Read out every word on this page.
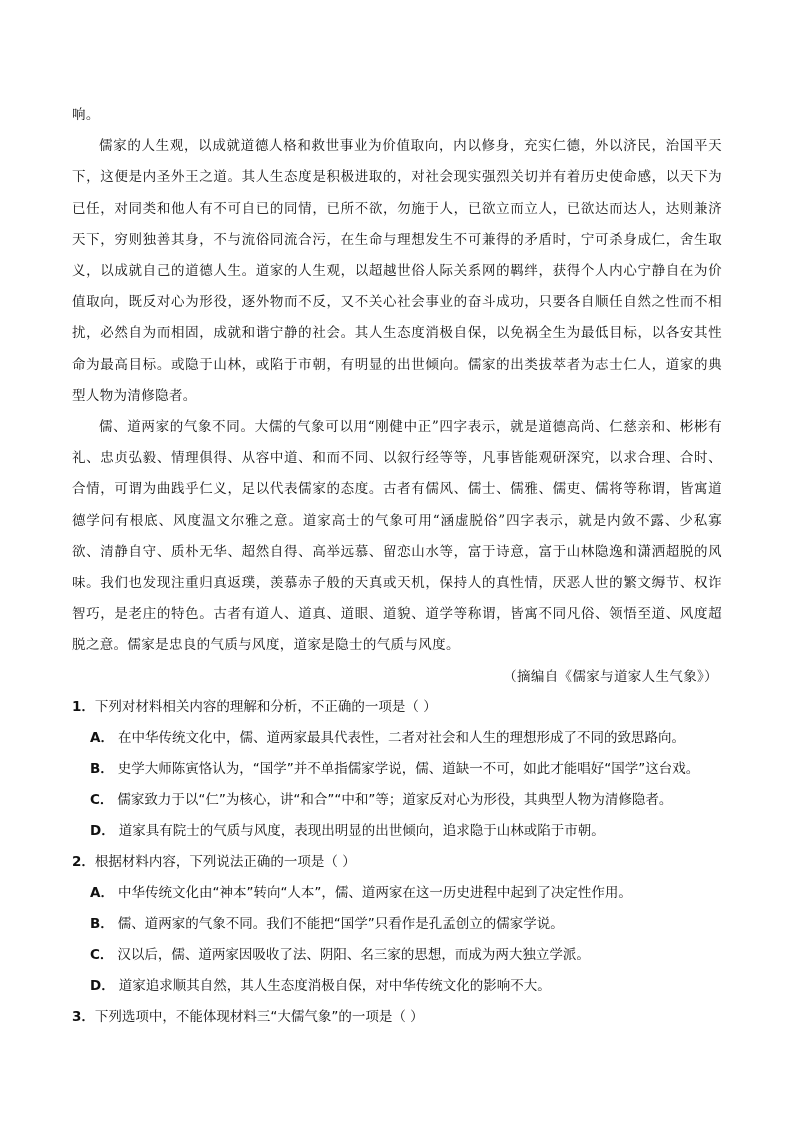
响。

儒家的人生观，以成就道德人格和救世事业为价值取向，内以修身，充实仁德，外以济民，治国平天下，这便是内圣外王之道。其人生态度是积极进取的，对社会现实强烈关切并有着历史使命感，以天下为已任，对同类和他人有不可自已的同情，已所不欲，勿施于人，已欲立而立人，已欲达而达人，达则兼济天下，穷则独善其身，不与流俗同流合污，在生命与理想发生不可兼得的矛盾时，宁可杀身成仁，舍生取义，以成就自己的道德人生。道家的人生观，以超越世俗人际关系网的羁绊，获得个人内心宁静自在为价值取向，既反对心为形役，逐外物而不反，又不关心社会事业的奋斗成功，只要各自顺任自然之性而不相扰，必然自为而相固，成就和谐宁静的社会。其人生态度消极自保，以免祸全生为最低目标，以各安其性命为最高目标。或隐于山林，或陷于市朝，有明显的出世倾向。儒家的出类拔萃者为志士仁人，道家的典型人物为清修隐者。

儒、道两家的气象不同。大儒的气象可以用“刚健中正”四字表示，就是道德高尚、仁慈亲和、彬彬有礼、忠贞弘毅、情理俱得、从容中道、和而不同、以叙行经等等，凡事皆能观研深究，以求合理、合时、合情，可谓为曲践乎仁义，足以代表儒家的态度。古者有儒风、儒士、儒雅、儒吏、儒将等称谓，皆寓道德学问有根底、风度温文尔雅之意。道家高士的气象可用“涵虚脱俗”四字表示，就是内敛不露、少私寡欲、清静自守、质朴无华、超然自得、高举远慕、留恋山水等，富于诗意，富于山林隐逸和潇洒超脱的风味。我们也发现注重归真返璞，羡慕赤子般的天真或天机，保持人的真性情，厌恶人世的繁文缛节、权诈智巧，是老庄的特色。古者有道人、道真、道眼、道貌、道学等称谓，皆寓不同凡俗、领悟至道、风度超脱之意。儒家是忠良的气质与风度，道家是隐士的气质与风度。

（摘编自《儒家与道家人生气象》）

1．下列对材料相关内容的理解和分析，不正确的一项是（ ）

A． 在中华传统文化中，儒、道两家最具代表性，二者对社会和人生的理想形成了不同的致思路向。

B． 史学大师陈寅恪认为，“国学”并不单指儒家学说，儒、道缺一不可，如此才能唱好“国学”这台戏。

C． 儒家致力于以“仁”为核心，讲“和合”“中和”等；道家反对心为形役，其典型人物为清修隐者。

D． 道家具有院士的气质与风度，表现出明显的出世倾向，追求隐于山林或陷于市朝。

2．根据材料内容，下列说法正确的一项是（ ）

A． 中华传统文化由“神本”转向“人本”，儒、道两家在这一历史进程中起到了决定性作用。

B． 儒、道两家的气象不同。我们不能把“国学”只看作是孔孟创立的儒家学说。

C． 汉以后，儒、道两家因吸收了法、阴阳、名三家的思想，而成为两大独立学派。

D． 道家追求顺其自然，其人生态度消极自保，对中华传统文化的影响不大。

3．下列选项中，不能体现材料三“大儒气象”的一项是（ ）
